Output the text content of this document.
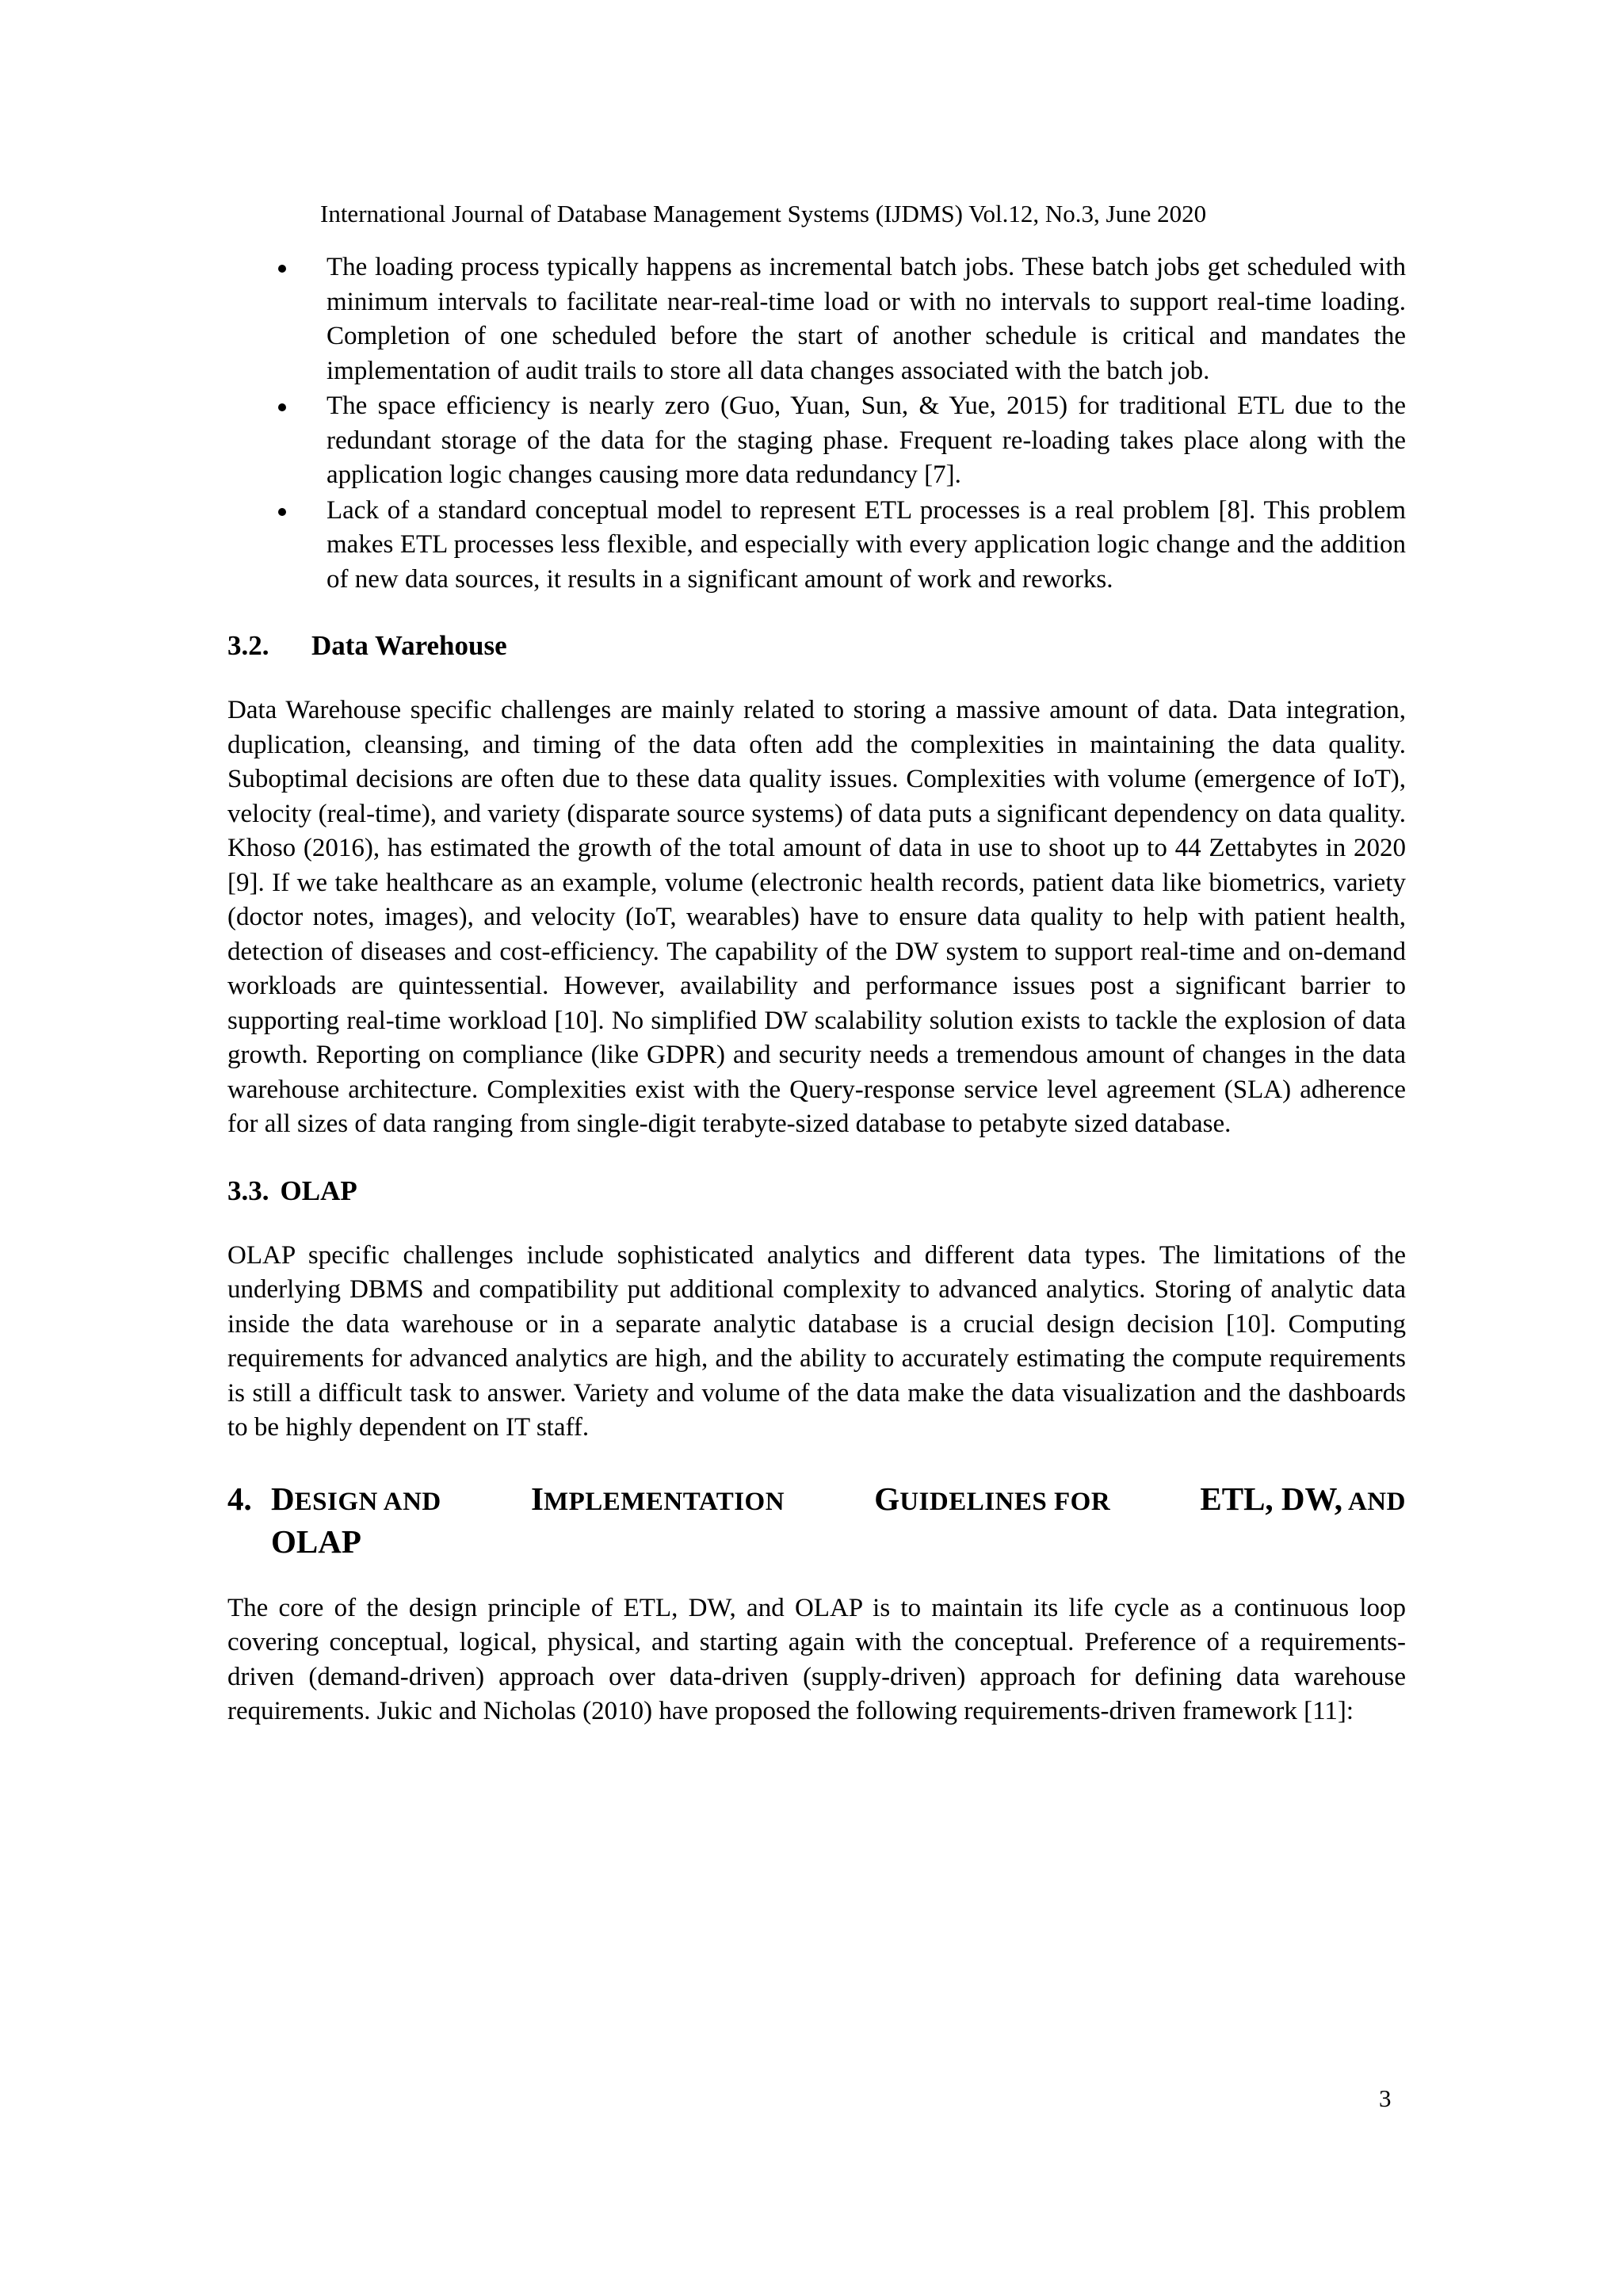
International Journal of Database Management Systems (IJDMS) Vol.12, No.3, June 2020
The loading process typically happens as incremental batch jobs. These batch jobs get scheduled with minimum intervals to facilitate near-real-time load or with no intervals to support real-time loading. Completion of one scheduled before the start of another schedule is critical and mandates the implementation of audit trails to store all data changes associated with the batch job.
The space efficiency is nearly zero (Guo, Yuan, Sun, & Yue, 2015) for traditional ETL due to the redundant storage of the data for the staging phase. Frequent re-loading takes place along with the application logic changes causing more data redundancy [7].
Lack of a standard conceptual model to represent ETL processes is a real problem [8]. This problem makes ETL processes less flexible, and especially with every application logic change and the addition of new data sources, it results in a significant amount of work and reworks.
3.2. Data Warehouse

Data Warehouse specific challenges are mainly related to storing a massive amount of data. Data integration, duplication, cleansing, and timing of the data often add the complexities in maintaining the data quality. Suboptimal decisions are often due to these data quality issues. Complexities with volume (emergence of IoT), velocity (real-time), and variety (disparate source systems) of data puts a significant dependency on data quality. Khoso (2016), has estimated the growth of the total amount of data in use to shoot up to 44 Zettabytes in 2020 [9]. If we take healthcare as an example, volume (electronic health records, patient data like biometrics, variety (doctor notes, images), and velocity (IoT, wearables) have to ensure data quality to help with patient health, detection of diseases and cost-efficiency. The capability of the DW system to support real-time and on-demand workloads are quintessential. However, availability and performance issues post a significant barrier to supporting real-time workload [10]. No simplified DW scalability solution exists to tackle the explosion of data growth. Reporting on compliance (like GDPR) and security needs a tremendous amount of changes in the data warehouse architecture. Complexities exist with the Query-response service level agreement (SLA) adherence for all sizes of data ranging from single-digit terabyte-sized database to petabyte sized database.

3.3. OLAP

OLAP specific challenges include sophisticated analytics and different data types. The limitations of the underlying DBMS and compatibility put additional complexity to advanced analytics. Storing of analytic data inside the data warehouse or in a separate analytic database is a crucial design decision [10]. Computing requirements for advanced analytics are high, and the ability to accurately estimating the compute requirements is still a difficult task to answer. Variety and volume of the data make the data visualization and the dashboards to be highly dependent on IT staff.

4. DESIGN AND	IMPLEMENTATION	GUIDELINES FOR	ETL, DW, AND
OLAP

The core of the design principle of ETL, DW, and OLAP is to maintain its life cycle as a continuous loop covering conceptual, logical, physical, and starting again with the conceptual. Preference of a requirements-driven (demand-driven) approach over data-driven (supply-driven) approach for defining data warehouse requirements. Jukic and Nicholas (2010) have proposed the following requirements-driven framework [11]:

3
